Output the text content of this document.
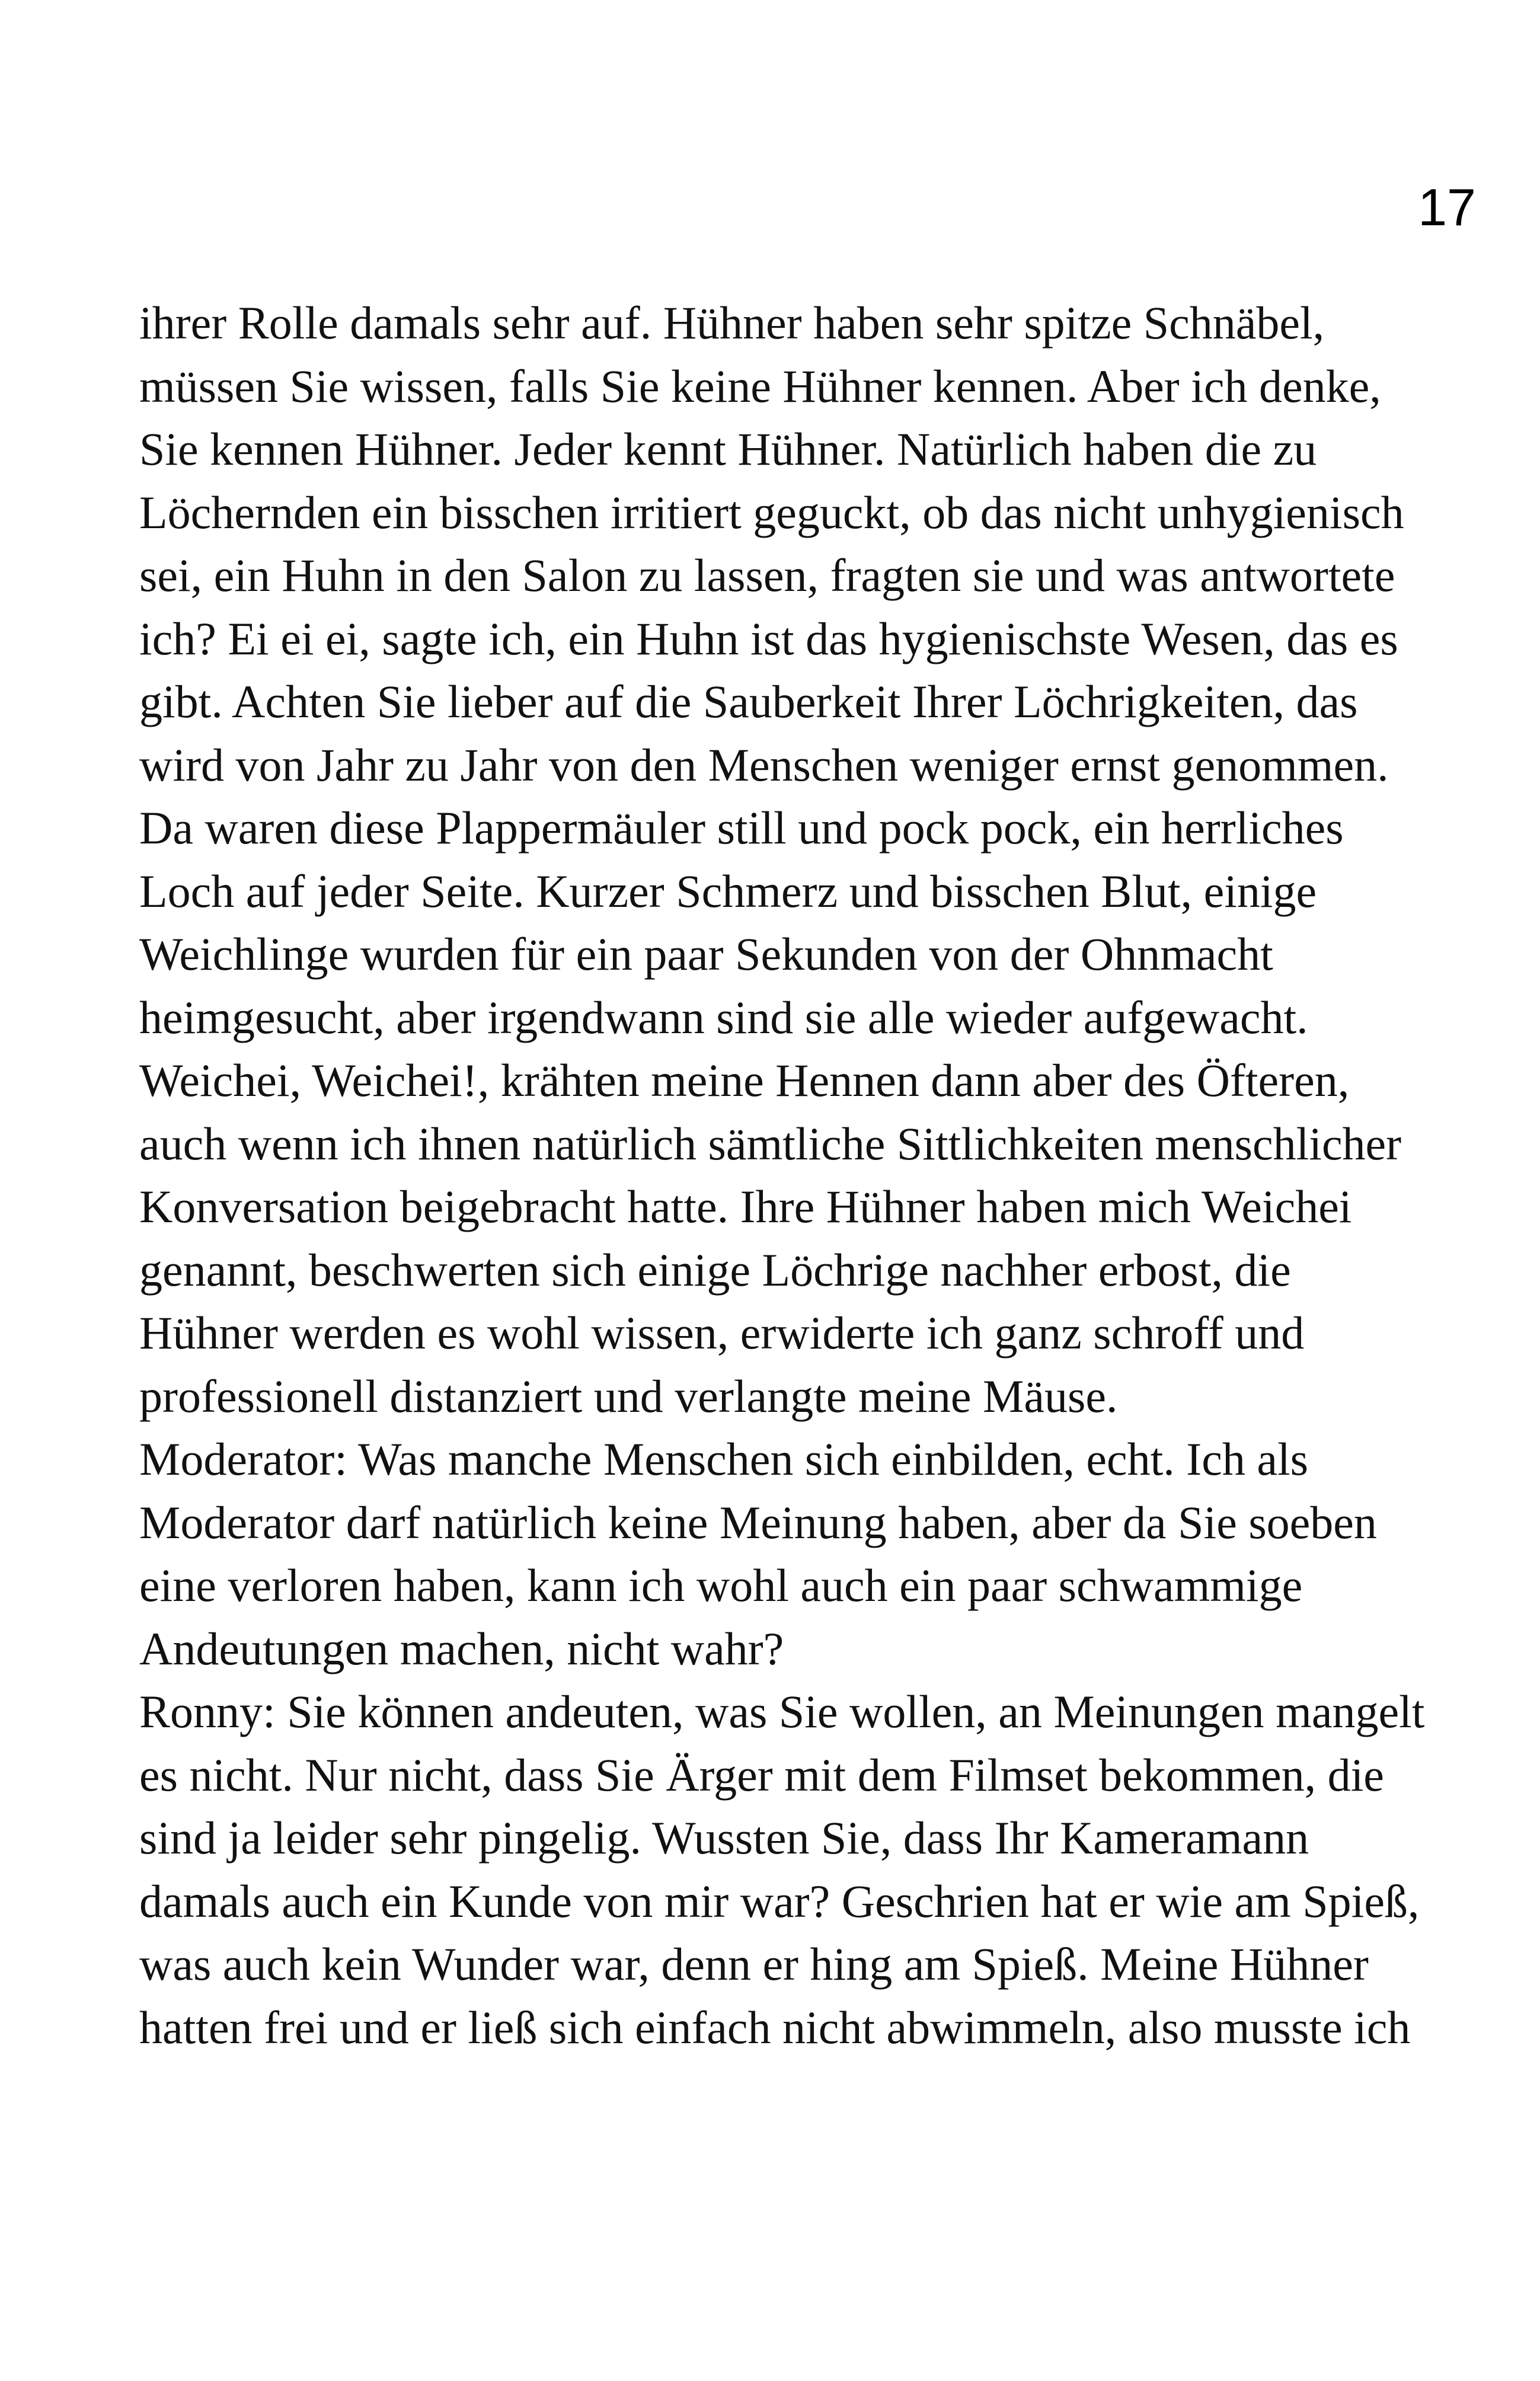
17
ihrer Rolle damals sehr auf. Hühner haben sehr spitze Schnäbel,
müssen Sie wissen, falls Sie keine Hühner kennen. Aber ich denke,
Sie kennen Hühner. Jeder kennt Hühner. Natürlich haben die zu
Löchernden ein bisschen irritiert geguckt, ob das nicht unhygienisch
sei, ein Huhn in den Salon zu lassen, fragten sie und was antwortete
ich? Ei ei ei, sagte ich, ein Huhn ist das hygienischste Wesen, das es
gibt. Achten Sie lieber auf die Sauberkeit Ihrer Löchrigkeiten, das
wird von Jahr zu Jahr von den Menschen weniger ernst genommen.
Da waren diese Plappermäuler still und pock pock, ein herrliches
Loch auf jeder Seite. Kurzer Schmerz und bisschen Blut, einige
Weichlinge wurden für ein paar Sekunden von der Ohnmacht
heimgesucht, aber irgendwann sind sie alle wieder aufgewacht.
Weichei, Weichei!, krähten meine Hennen dann aber des Öfteren,
auch wenn ich ihnen natürlich sämtliche Sittlichkeiten menschlicher
Konversation beigebracht hatte. Ihre Hühner haben mich Weichei
genannt, beschwerten sich einige Löchrige nachher erbost, die
Hühner werden es wohl wissen, erwiderte ich ganz schroff und
professionell distanziert und verlangte meine Mäuse.
Moderator: Was manche Menschen sich einbilden, echt. Ich als
Moderator darf natürlich keine Meinung haben, aber da Sie soeben
eine verloren haben, kann ich wohl auch ein paar schwammige
Andeutungen machen, nicht wahr?
Ronny: Sie können andeuten, was Sie wollen, an Meinungen mangelt
es nicht. Nur nicht, dass Sie Ärger mit dem Filmset bekommen, die
sind ja leider sehr pingelig. Wussten Sie, dass Ihr Kameramann
damals auch ein Kunde von mir war? Geschrien hat er wie am Spieß,
was auch kein Wunder war, denn er hing am Spieß. Meine Hühner
hatten frei und er ließ sich einfach nicht abwimmeln, also musste ich
